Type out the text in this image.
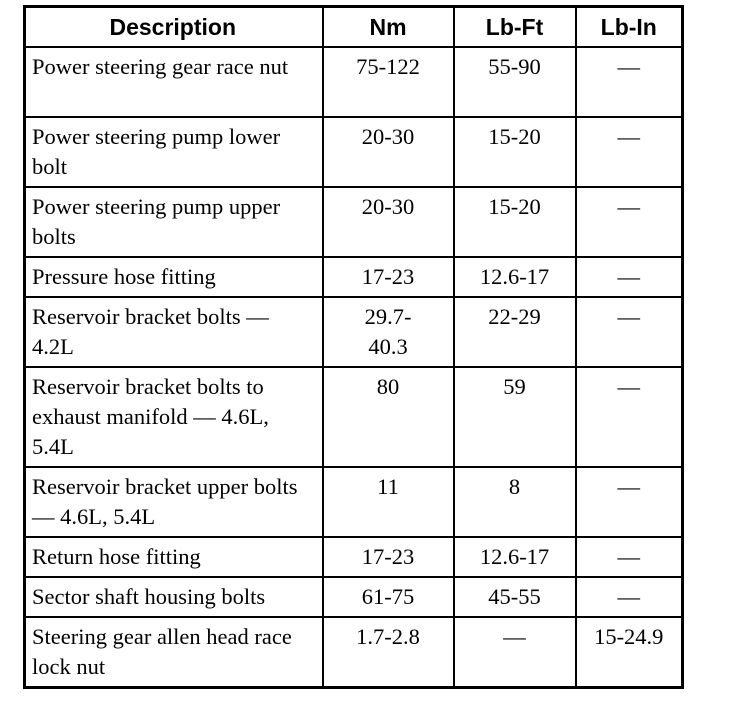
Description	Nm	Lb-Ft	Lb-In
Power steering gear race nut	75-122	55-90	—
Power steering pump lower bolt	20-30	15-20	—
Power steering pump upper bolts	20-30	15-20	—
Pressure hose fitting	17-23	12.6-17	—
Reservoir bracket bolts — 4.2L	29.7-40.3	22-29	—
Reservoir bracket bolts to exhaust manifold — 4.6L, 5.4L	80	59	—
Reservoir bracket upper bolts — 4.6L, 5.4L	11	8	—
Return hose fitting	17-23	12.6-17	—
Sector shaft housing bolts	61-75	45-55	—
Steering gear allen head race lock nut	1.7-2.8	—	15-24.9
